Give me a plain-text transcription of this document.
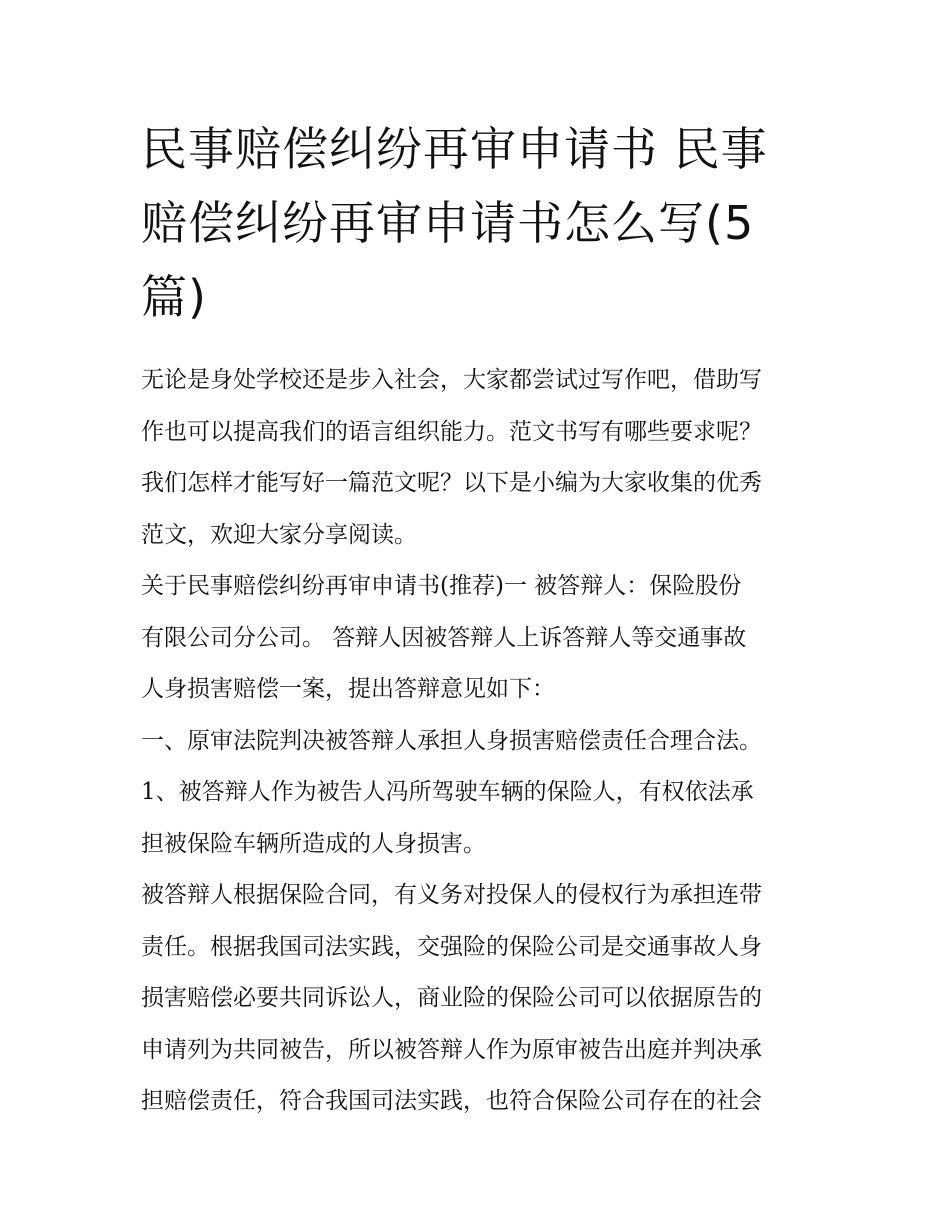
民事赔偿纠纷再审申请书 民事
赔偿纠纷再审申请书怎么写(5
篇)
无论是身处学校还是步入社会，大家都尝试过写作吧，借助写
作也可以提高我们的语言组织能力。范文书写有哪些要求呢？
我们怎样才能写好一篇范文呢？以下是小编为大家收集的优秀
范文，欢迎大家分享阅读。
关于民事赔偿纠纷再审申请书(推荐)一 被答辩人：保险股份
有限公司分公司。 答辩人因被答辩人上诉答辩人等交通事故
人身损害赔偿一案，提出答辩意见如下：
一、原审法院判决被答辩人承担人身损害赔偿责任合理合法。
1、被答辩人作为被告人冯所驾驶车辆的保险人，有权依法承
担被保险车辆所造成的人身损害。
被答辩人根据保险合同，有义务对投保人的侵权行为承担连带
责任。根据我国司法实践，交强险的保险公司是交通事故人身
损害赔偿必要共同诉讼人，商业险的保险公司可以依据原告的
申请列为共同被告，所以被答辩人作为原审被告出庭并判决承
担赔偿责任，符合我国司法实践，也符合保险公司存在的社会
